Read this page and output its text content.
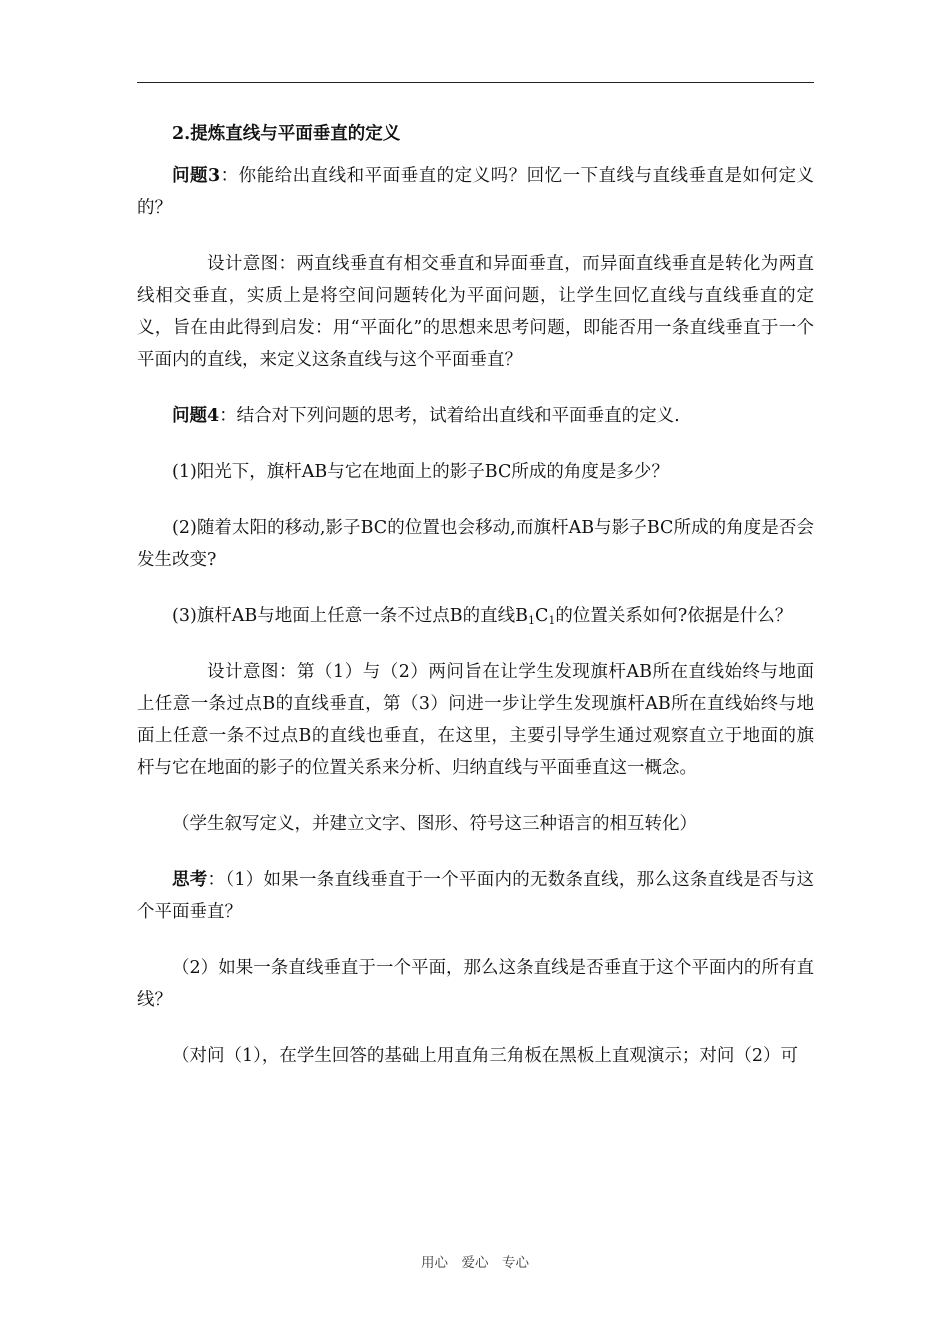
2.提炼直线与平面垂直的定义

问题3：你能给出直线和平面垂直的定义吗？回忆一下直线与直线垂直是如何定义的？

设计意图：两直线垂直有相交垂直和异面垂直，而异面直线垂直是转化为两直线相交垂直，实质上是将空间问题转化为平面问题，让学生回忆直线与直线垂直的定义，旨在由此得到启发：用“平面化”的思想来思考问题，即能否用一条直线垂直于一个平面内的直线，来定义这条直线与这个平面垂直？

问题4：结合对下列问题的思考，试着给出直线和平面垂直的定义.

(1)阳光下，旗杆AB与它在地面上的影子BC所成的角度是多少？

(2)随着太阳的移动,影子BC的位置也会移动,而旗杆AB与影子BC所成的角度是否会发生改变?

(3)旗杆AB与地面上任意一条不过点B的直线$B_1C_1$的位置关系如何?依据是什么？

设计意图：第（1）与（2）两问旨在让学生发现旗杆AB所在直线始终与地面上任意一条过点B的直线垂直，第（3）问进一步让学生发现旗杆AB所在直线始终与地面上任意一条不过点B的直线也垂直，在这里，主要引导学生通过观察直立于地面的旗杆与它在地面的影子的位置关系来分析、归纳直线与平面垂直这一概念。

（学生叙写定义，并建立文字、图形、符号这三种语言的相互转化）

思考：（1）如果一条直线垂直于一个平面内的无数条直线，那么这条直线是否与这个平面垂直？

（2）如果一条直线垂直于一个平面，那么这条直线是否垂直于这个平面内的所有直线？

（对问（1），在学生回答的基础上用直角三角板在黑板上直观演示；对问（2）可

用心　爱心　专心
